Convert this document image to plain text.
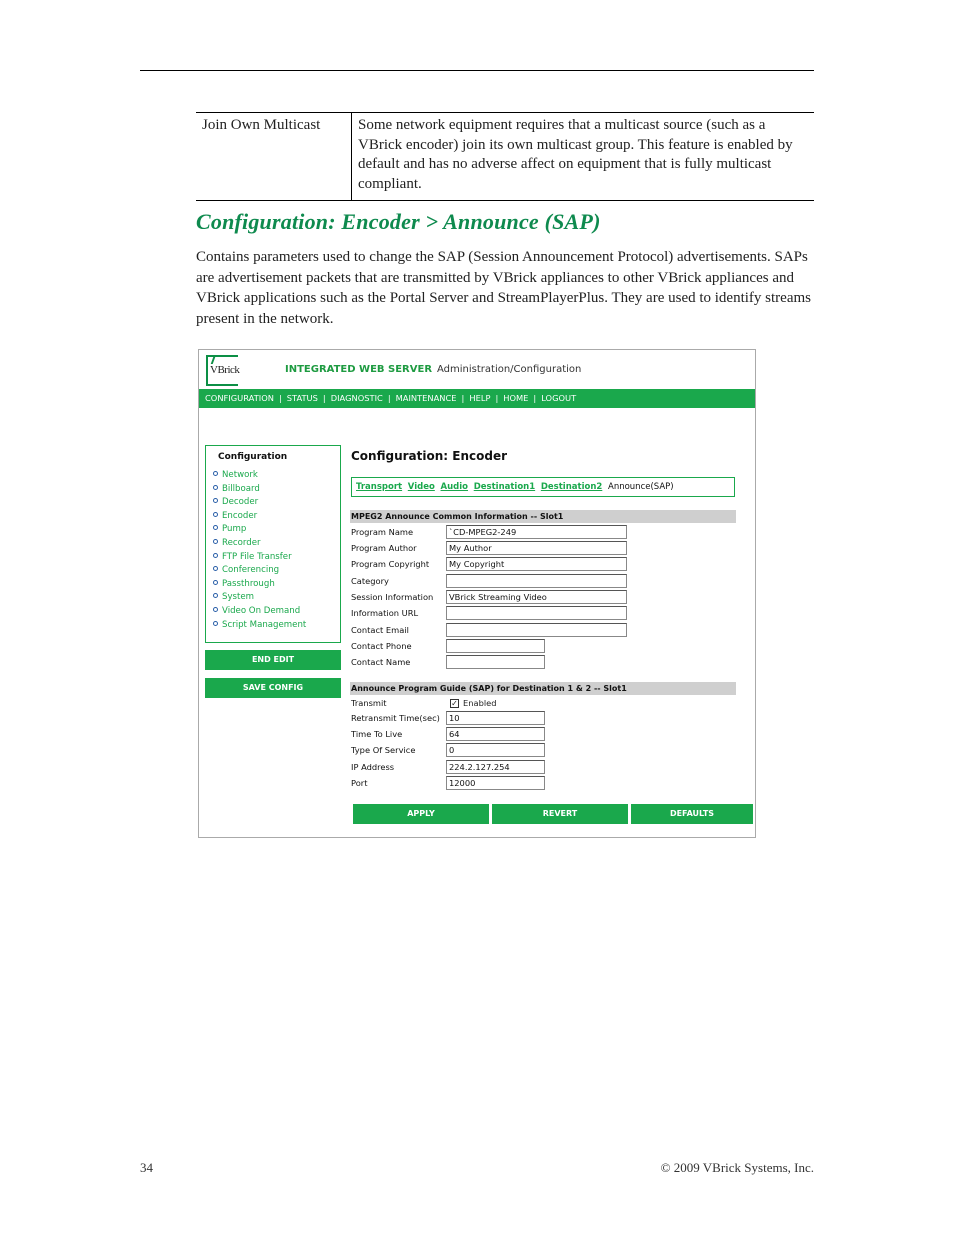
Join Own Multicast	Some network equipment requires that a multicast source (such as a VBrick encoder) join its own multicast group. This feature is enabled by default and has no adverse affect on equipment that is fully multicast compliant.
Configuration: Encoder > Announce (SAP)

Contains parameters used to change the SAP (Session Announcement Protocol) advertisements. SAPs are advertisement packets that are transmitted by VBrick appliances to other VBrick appliances and VBrick applications such as the Portal Server and StreamPlayerPlus. They are used to identify streams present in the network.

VBrick	INTEGRATED WEB SERVER Administration/Configuration
CONFIGURATION | STATUS | DIAGNOSTIC | MAINTENANCE | HELP | HOME | LOGOUT
Configuration
Network
Billboard
Decoder
Encoder
Pump
Recorder
FTP File Transfer
Conferencing
Passthrough
System
Video On Demand
Script Management
END EDIT
SAVE CONFIG
Configuration: Encoder
Transport Video Audio Destination1 Destination2 Announce(SAP)
MPEG2 Announce Common Information -- Slot1
Program Name	`CD-MPEG2-249
Program Author	My Author
Program Copyright	My Copyright
Category
Session Information	VBrick Streaming Video
Information URL
Contact Email
Contact Phone
Contact Name
Announce Program Guide (SAP) for Destination 1 & 2 -- Slot1
Transmit	✓ Enabled
Retransmit Time(sec)	10
Time To Live	64
Type Of Service	0
IP Address	224.2.127.254
Port	12000
APPLY	REVERT	DEFAULTS
34	© 2009 VBrick Systems, Inc.
